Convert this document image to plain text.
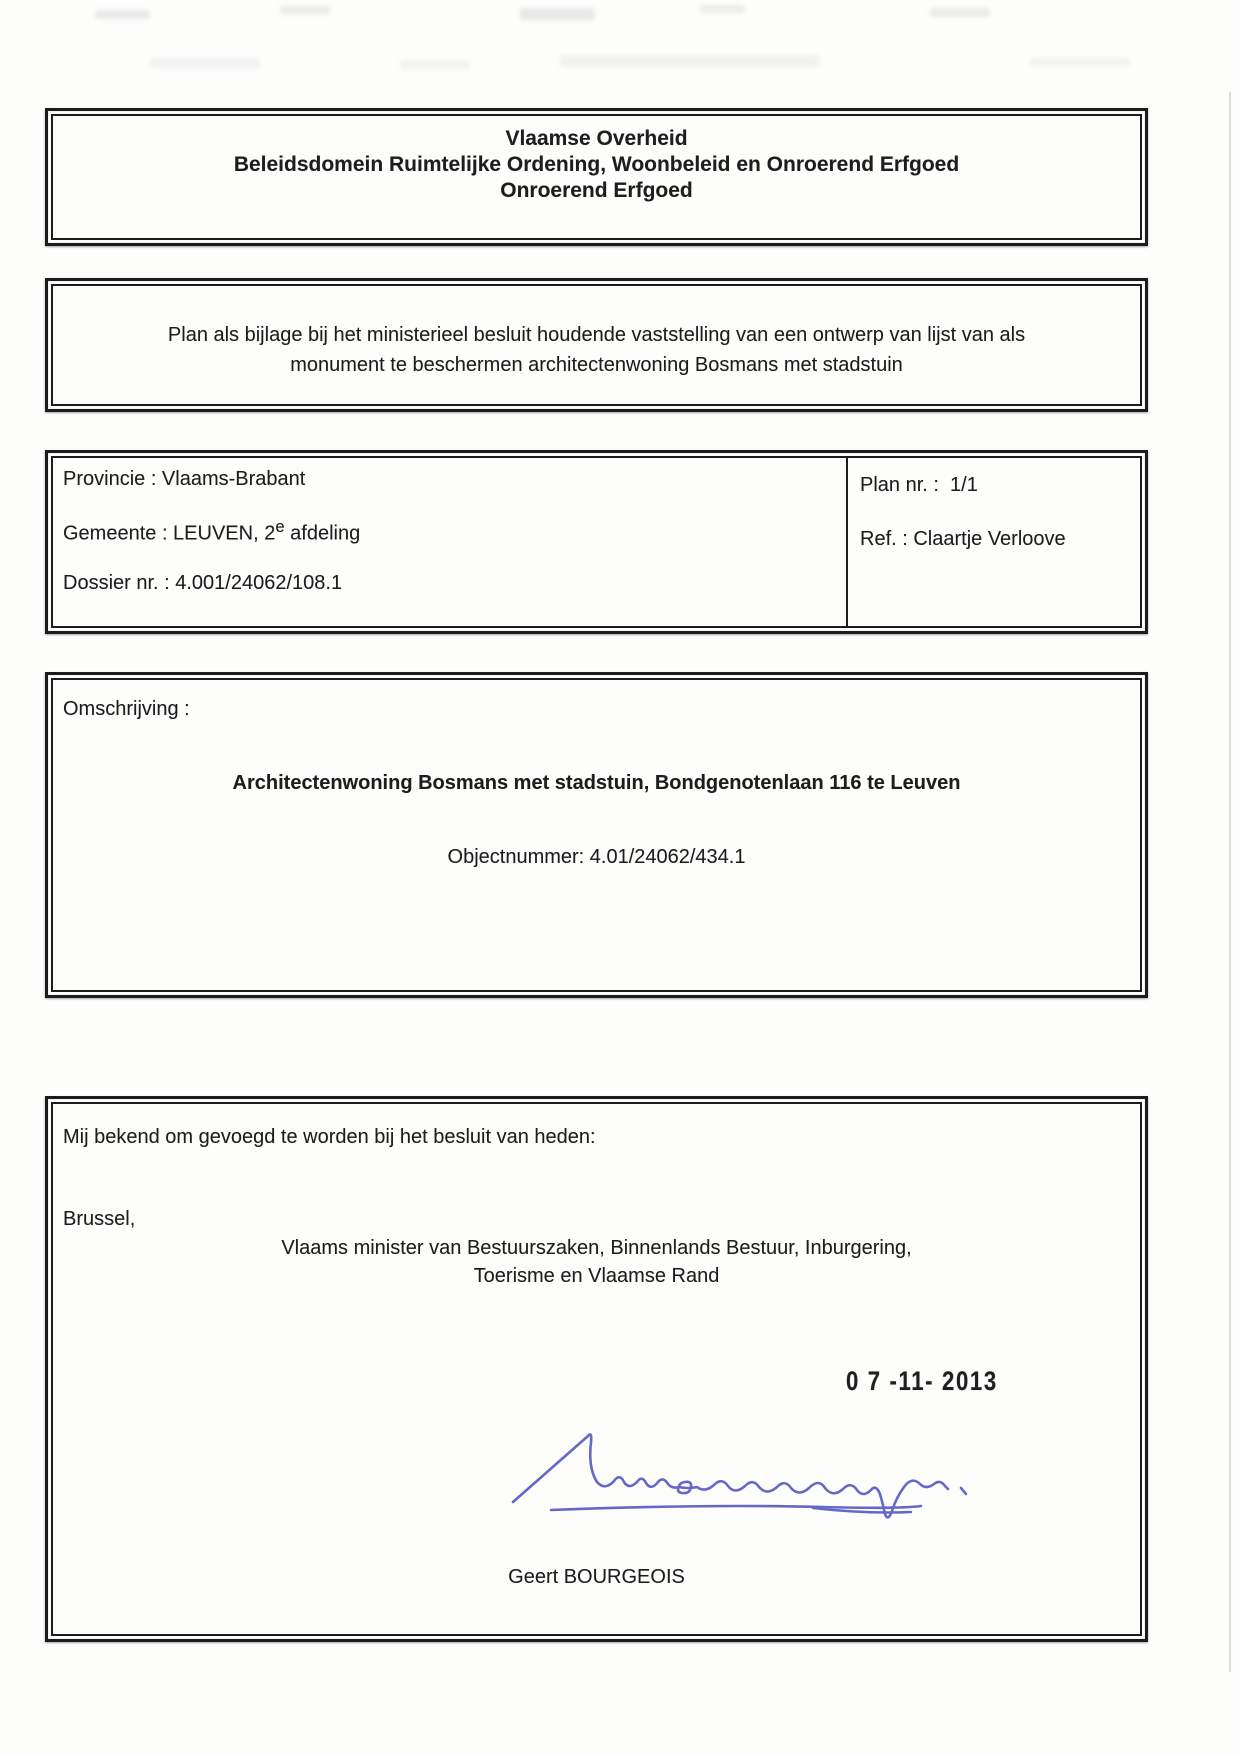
Vlaamse Overheid
Beleidsdomein Ruimtelijke Ordening, Woonbeleid en Onroerend Erfgoed
Onroerend Erfgoed
Plan als bijlage bij het ministerieel besluit houdende vaststelling van een ontwerp van lijst van als
monument te beschermen architectenwoning Bosmans met stadstuin
Provincie : Vlaams-Brabant
Gemeente : LEUVEN, 2e afdeling
Dossier nr. : 4.001/24062/108.1
Plan nr. :  1/1
Ref. : Claartje Verloove
Omschrijving :
Architectenwoning Bosmans met stadstuin, Bondgenotenlaan 116 te Leuven
Objectnummer: 4.01/24062/434.1
Mij bekend om gevoegd te worden bij het besluit van heden:
Brussel,
Vlaams minister van Bestuurszaken, Binnenlands Bestuur, Inburgering,
Toerisme en Vlaamse Rand
0 7 -11- 2013
Geert BOURGEOIS
